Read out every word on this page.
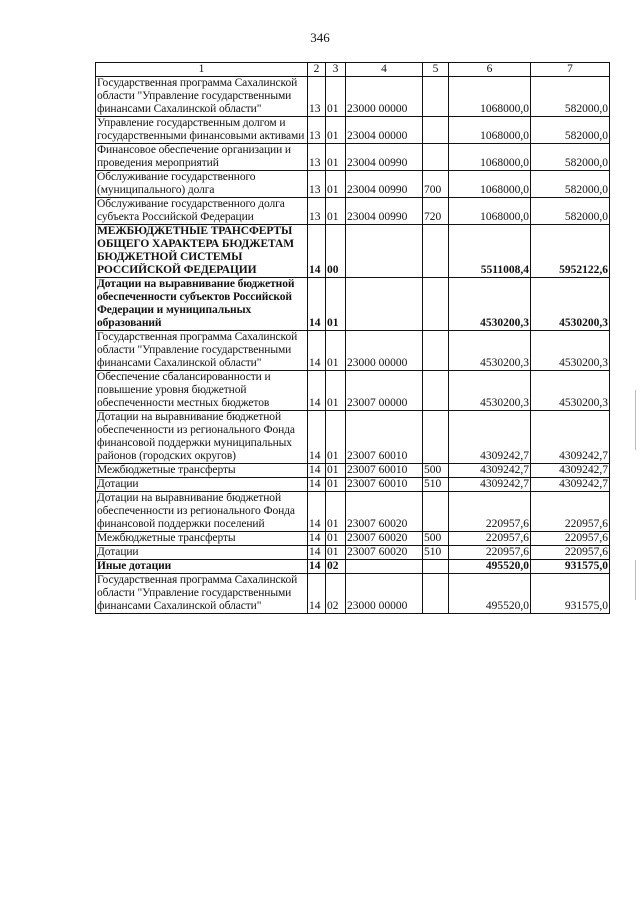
346
1	2	3	4	5	6	7
Государственная программа Сахалинской области "Управление государственными финансами Сахалинской области"	13	01	23000 00000		1068000,0	582000,0
Управление государственным долгом и государственными финансовыми активами	13	01	23004 00000		1068000,0	582000,0
Финансовое обеспечение организации и проведения мероприятий	13	01	23004 00990		1068000,0	582000,0
Обслуживание государственного (муниципального) долга	13	01	23004 00990	700	1068000,0	582000,0
Обслуживание государственного долга субъекта Российской Федерации	13	01	23004 00990	720	1068000,0	582000,0
МЕЖБЮДЖЕТНЫЕ ТРАНСФЕРТЫ ОБЩЕГО ХАРАКТЕРА БЮДЖЕТАМ БЮДЖЕТНОЙ СИСТЕМЫ РОССИЙСКОЙ ФЕДЕРАЦИИ	14	00			5511008,4	5952122,6
Дотации на выравнивание бюджетной обеспеченности субъектов Российской Федерации и муниципальных образований	14	01			4530200,3	4530200,3
Государственная программа Сахалинской области "Управление государственными финансами Сахалинской области"	14	01	23000 00000		4530200,3	4530200,3
Обеспечение сбалансированности и повышение уровня бюджетной обеспеченности местных бюджетов	14	01	23007 00000		4530200,3	4530200,3
Дотации на выравнивание бюджетной обеспеченности из регионального Фонда финансовой поддержки муниципальных районов (городских округов)	14	01	23007 60010		4309242,7	4309242,7
Межбюджетные трансферты	14	01	23007 60010	500	4309242,7	4309242,7
Дотации	14	01	23007 60010	510	4309242,7	4309242,7
Дотации на выравнивание бюджетной обеспеченности из регионального Фонда финансовой поддержки поселений	14	01	23007 60020		220957,6	220957,6
Межбюджетные трансферты	14	01	23007 60020	500	220957,6	220957,6
Дотации	14	01	23007 60020	510	220957,6	220957,6
Иные дотации	14	02			495520,0	931575,0
Государственная программа Сахалинской области "Управление государственными финансами Сахалинской области"	14	02	23000 00000		495520,0	931575,0
